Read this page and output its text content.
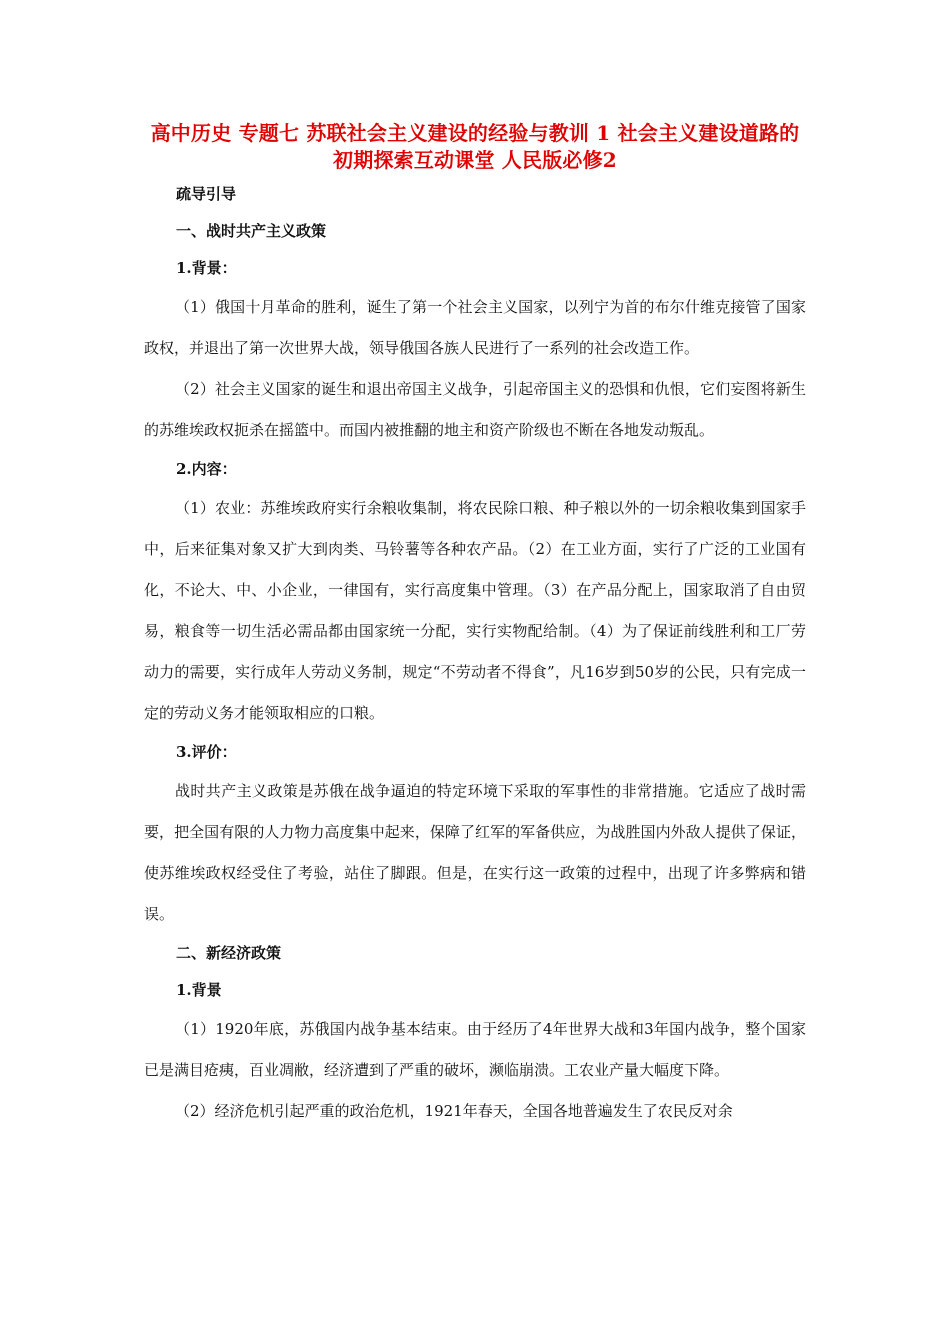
高中历史 专题七 苏联社会主义建设的经验与教训 1 社会主义建设道路的初期探索互动课堂 人民版必修2

疏导引导

一、战时共产主义政策

1.背景：

（1）俄国十月革命的胜利，诞生了第一个社会主义国家，以列宁为首的布尔什维克接管了国家政权，并退出了第一次世界大战，领导俄国各族人民进行了一系列的社会改造工作。

（2）社会主义国家的诞生和退出帝国主义战争，引起帝国主义的恐惧和仇恨，它们妄图将新生的苏维埃政权扼杀在摇篮中。而国内被推翻的地主和资产阶级也不断在各地发动叛乱。

2.内容：

（1）农业：苏维埃政府实行余粮收集制，将农民除口粮、种子粮以外的一切余粮收集到国家手中，后来征集对象又扩大到肉类、马铃薯等各种农产品。（2）在工业方面，实行了广泛的工业国有化，不论大、中、小企业，一律国有，实行高度集中管理。（3）在产品分配上，国家取消了自由贸易，粮食等一切生活必需品都由国家统一分配，实行实物配给制。（4）为了保证前线胜利和工厂劳动力的需要，实行成年人劳动义务制，规定“不劳动者不得食”，凡16岁到50岁的公民，只有完成一定的劳动义务才能领取相应的口粮。

3.评价：

战时共产主义政策是苏俄在战争逼迫的特定环境下采取的军事性的非常措施。它适应了战时需要，把全国有限的人力物力高度集中起来，保障了红军的军备供应，为战胜国内外敌人提供了保证，使苏维埃政权经受住了考验，站住了脚跟。但是，在实行这一政策的过程中，出现了许多弊病和错误。

二、新经济政策

1.背景

（1）1920年底，苏俄国内战争基本结束。由于经历了4年世界大战和3年国内战争，整个国家已是满目疮痍，百业凋敝，经济遭到了严重的破坏，濒临崩溃。工农业产量大幅度下降。

（2）经济危机引起严重的政治危机，1921年春天，全国各地普遍发生了农民反对余
